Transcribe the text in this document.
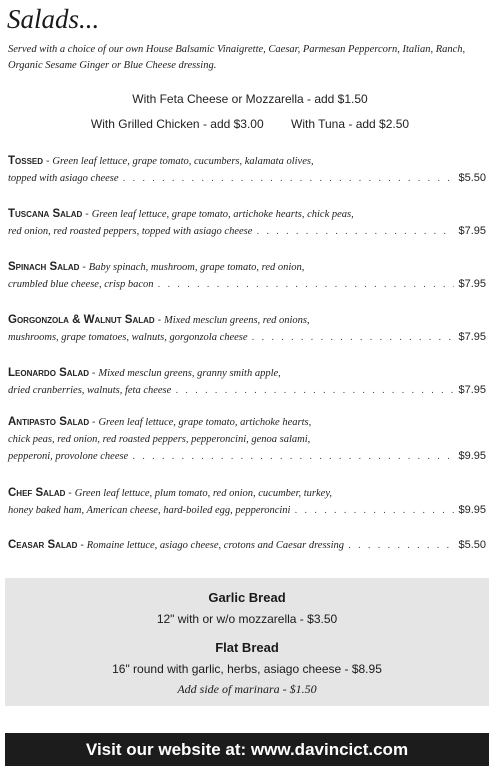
Salads...
Served with a choice of our own House Balsamic Vinaigrette, Caesar, Parmesan Peppercorn, Italian, Ranch, Organic Sesame Ginger or Blue Cheese dressing.
With Feta Cheese or Mozzarella - add $1.50
With Grilled Chicken - add $3.00 With Tuna - add $2.50
Tossed - Green leaf lettuce, grape tomato, cucumbers, kalamata olives,
topped with asiago cheese . . .	$5.50
Tuscana Salad - Green leaf lettuce, grape tomato, artichoke hearts, chick peas,
red onion, red roasted peppers, topped with asiago cheese . . .	$7.95
Spinach Salad - Baby spinach, mushroom, grape tomato, red onion,
crumbled blue cheese, crisp bacon . . .	$7.95
Gorgonzola & Walnut Salad - Mixed mesclun greens, red onions,
mushrooms, grape tomatoes, walnuts, gorgonzola cheese . . .	$7.95
Leonardo Salad - Mixed mesclun greens, granny smith apple,
dried cranberries, walnuts, feta cheese . . .	$7.95
Antipasto Salad - Green leaf lettuce, grape tomato, artichoke hearts,
chick peas, red onion, red roasted peppers, pepperoncini, genoa salami,
pepperoni, provolone cheese . . .	$9.95
Chef Salad - Green leaf lettuce, plum tomato, red onion, cucumber, turkey,
honey baked ham, American cheese, hard-boiled egg, pepperoncini . . .	$9.95
Ceasar Salad - Romaine lettuce, asiago cheese, crotons and Caesar dressing . . .	$5.50
Garlic Bread
12" with or w/o mozzarella - $3.50
Flat Bread
16" round with garlic, herbs, asiago cheese - $8.95
Add side of marinara - $1.50
Visit our website at: www.davincict.com
